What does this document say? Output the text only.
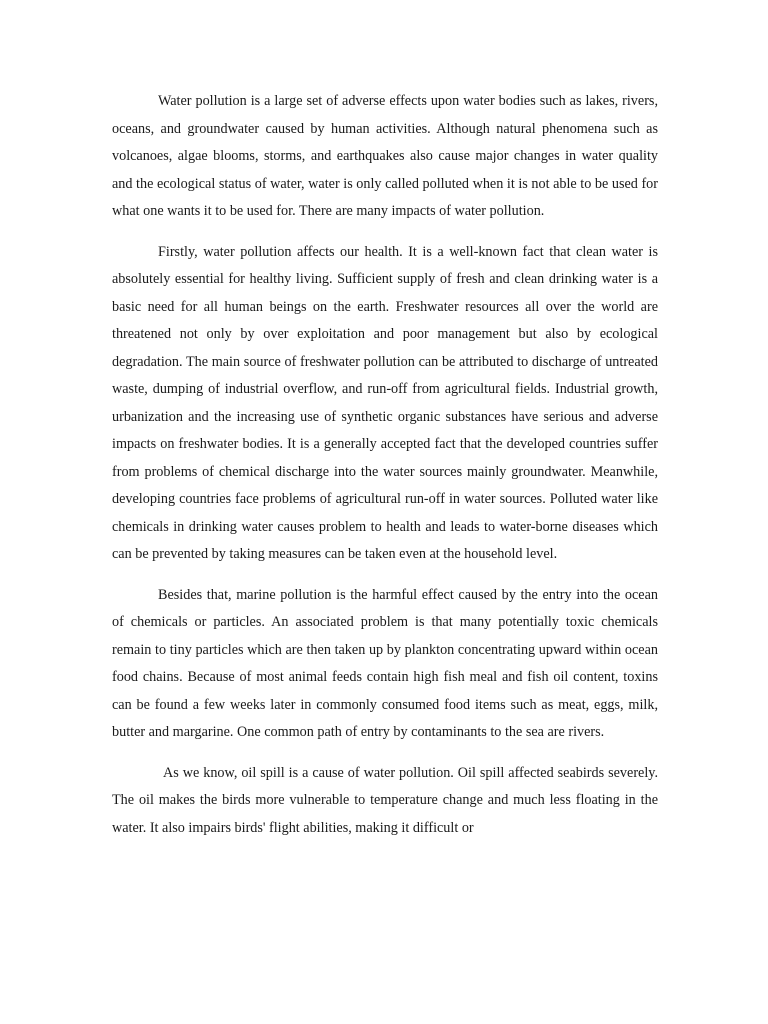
Water pollution is a large set of adverse effects upon water bodies such as lakes, rivers, oceans, and groundwater caused by human activities. Although natural phenomena such as volcanoes, algae blooms, storms, and earthquakes also cause major changes in water quality and the ecological status of water, water is only called polluted when it is not able to be used for what one wants it to be used for. There are many impacts of water pollution.

Firstly, water pollution affects our health. It is a well-known fact that clean water is absolutely essential for healthy living. Sufficient supply of fresh and clean drinking water is a basic need for all human beings on the earth. Freshwater resources all over the world are threatened not only by over exploitation and poor management but also by ecological degradation. The main source of freshwater pollution can be attributed to discharge of untreated waste, dumping of industrial overflow, and run-off from agricultural fields. Industrial growth, urbanization and the increasing use of synthetic organic substances have serious and adverse impacts on freshwater bodies. It is a generally accepted fact that the developed countries suffer from problems of chemical discharge into the water sources mainly groundwater. Meanwhile, developing countries face problems of agricultural run-off in water sources. Polluted water like chemicals in drinking water causes problem to health and leads to water-borne diseases which can be prevented by taking measures can be taken even at the household level.

Besides that, marine pollution is the harmful effect caused by the entry into the ocean of chemicals or particles. An associated problem is that many potentially toxic chemicals remain to tiny particles which are then taken up by plankton concentrating upward within ocean food chains. Because of most animal feeds contain high fish meal and fish oil content, toxins can be found a few weeks later in commonly consumed food items such as meat, eggs, milk, butter and margarine. One common path of entry by contaminants to the sea are rivers.

As we know, oil spill is a cause of water pollution. Oil spill affected seabirds severely. The oil makes the birds more vulnerable to temperature change and much less floating in the water. It also impairs birds' flight abilities, making it difficult or
